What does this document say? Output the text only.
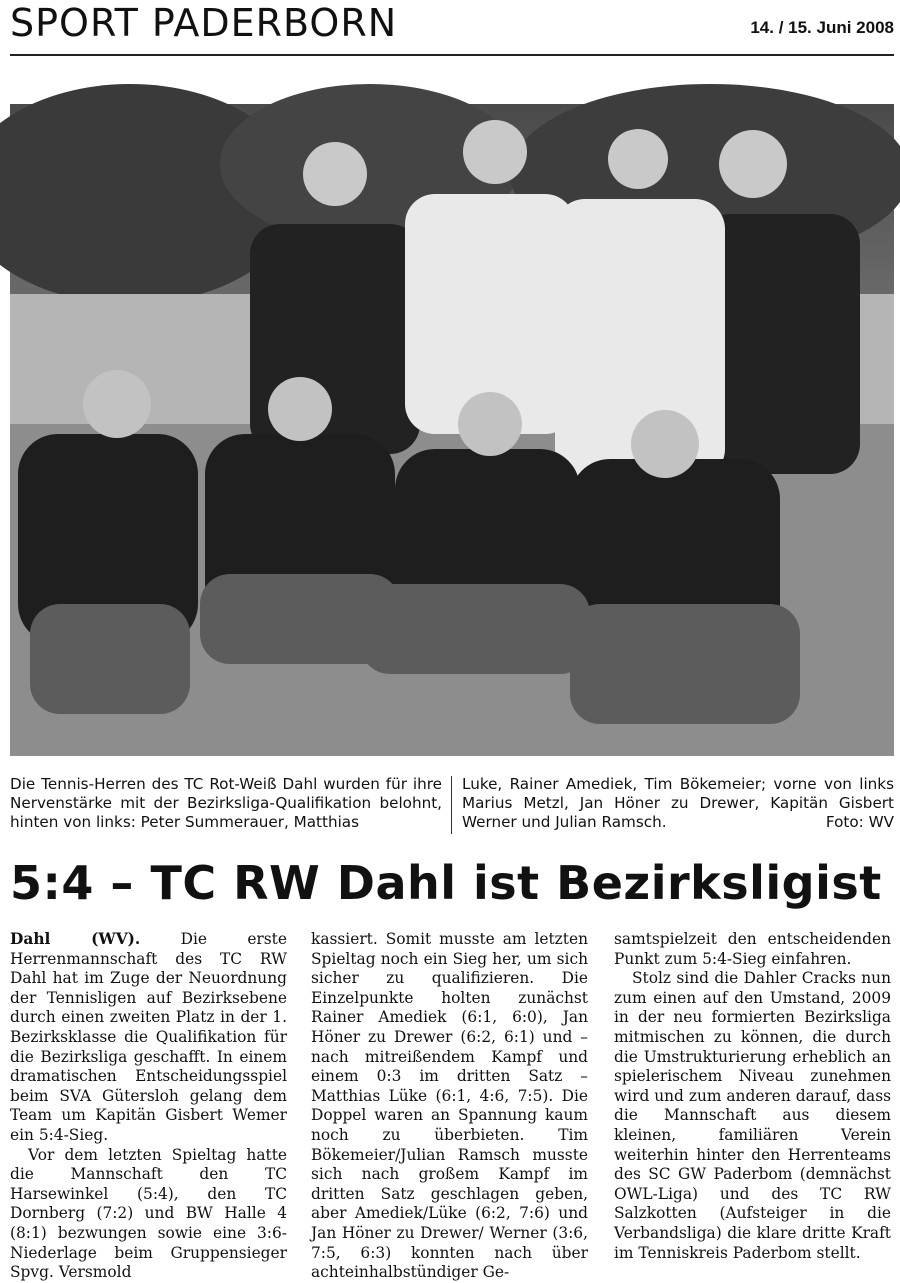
SPORT PADERBORN	14. / 15. Juni 2008
Die Tennis-Herren des TC Rot-Weiß Dahl wurden für ihre Nervenstärke mit der Bezirksliga-Qualifikation belohnt, hinten von links: Peter Summerauer, Matthias
Luke, Rainer Amediek, Tim Bökemeier; vorne von links Marius Metzl, Jan Höner zu Drewer, Kapitän Gisbert Werner und Julian Ramsch.	Foto: WV
5:4 – TC RW Dahl ist Bezirksligist

Dahl (WV).	Die erste Herrenmannschaft des TC RW Dahl hat im Zuge der Neuordnung der Tennisligen auf Bezirksebene durch einen zweiten Platz in der 1. Bezirksklasse die Qualifikation für die Bezirksliga geschafft. In einem dramatischen Entscheidungsspiel beim SVA Gütersloh gelang dem Team um Kapitän Gisbert Wemer ein 5:4-Sieg.

Vor dem letzten Spieltag hatte die Mannschaft den TC Harsewinkel (5:4), den TC Dornberg (7:2) und BW Halle 4 (8:1) bezwungen sowie eine 3:6-Niederlage beim Gruppensieger Spvg. Versmold

kassiert. Somit musste am letzten Spieltag noch ein Sieg her, um sich sicher zu qualifizieren. Die Einzelpunkte holten zunächst Rainer Amediek (6:1, 6:0), Jan Höner zu Drewer (6:2, 6:1) und – nach mitreißendem Kampf und einem 0:3 im dritten Satz – Matthias Lüke (6:1, 4:6, 7:5). Die Doppel waren an Spannung kaum noch zu überbieten. Tim Bökemeier/Julian Ramsch musste sich nach großem Kampf im dritten Satz geschlagen geben, aber Amediek/Lüke (6:2, 7:6) und Jan Höner zu Drewer/ Werner (3:6, 7:5, 6:3) konnten nach über achteinhalbstündiger Ge-

samtspielzeit den entscheidenden Punkt zum 5:4-Sieg einfahren.

Stolz sind die Dahler Cracks nun zum einen auf den Umstand, 2009 in der neu formierten Bezirksliga mitmischen zu können, die durch die Umstrukturierung erheblich an spielerischem Niveau zunehmen wird und zum anderen darauf, dass die Mannschaft aus diesem kleinen, familiären Verein weiterhin hinter den Herrenteams des SC GW Paderbom (demnächst OWL-Liga) und des TC RW Salzkotten (Aufsteiger in die Verbandsliga) die klare dritte Kraft im Tenniskreis Paderbom stellt.
